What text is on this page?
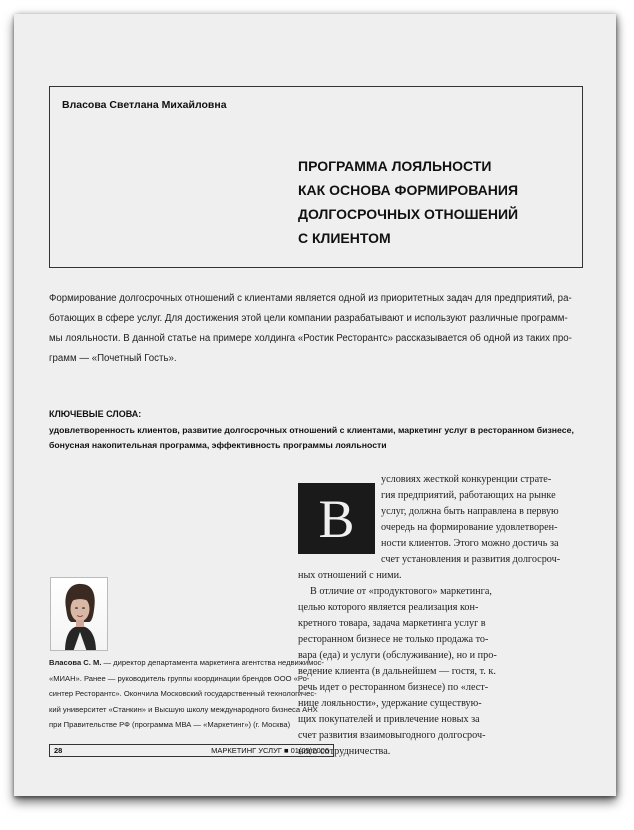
Власова Светлана Михайловна
ПРОГРАММА ЛОЯЛЬНОСТИ
КАК ОСНОВА ФОРМИРОВАНИЯ
ДОЛГОСРОЧНЫХ ОТНОШЕНИЙ
С КЛИЕНТОМ
Формирование долгосрочных отношений с клиентами является одной из приоритетных задач для предприятий, ра-
ботающих в сфере услуг. Для достижения этой цели компании разрабатывают и используют различные программ-
мы лояльности. В данной статье на примере холдинга «Ростик Ресторантс» рассказывается об одной из таких про-
грамм — «Почетный Гость».
КЛЮЧЕВЫЕ СЛОВА:
удовлетворенность клиентов, развитие долгосрочных отношений с клиентами, маркетинг услуг в ресторанном бизнесе,
бонусная накопительная программа, эффективность программы лояльности
В
условиях жесткой конкуренции страте-
гия предприятий, работающих на рынке
услуг, должна быть направлена в первую
очередь на формирование удовлетворен-
ности клиентов. Этого можно достичь за
счет установления и развития долгосроч-
ных отношений с ними.
В отличие от «продуктового» маркетинга,
целью которого является реализация кон-
кретного товара, задача маркетинга услуг в
ресторанном бизнесе не только продажа то-
вара (еда) и услуги (обслуживание), но и про-
ведение клиента (в дальнейшем — гостя, т. к.
речь идет о ресторанном бизнесе) по «лест-
нице лояльности», удержание существую-
щих покупателей и привлечение новых за
счет развития взаимовыгодного долгосроч-
ного сотрудничества.
Власова С. М. — директор департамента маркетинга агентства недвижимос-
«МИАН». Ранее — руководитель группы координации брендов ООО «Ро-
синтер Ресторантс». Окончила Московский государственный технологичес-
кий университет «Станкин» и Высшую школу международного бизнеса АНХ
при Правительстве РФ (программа МВА — «Маркетинг») (г. Москва)
28	МАРКЕТИНГ УСЛУГ ■ 01(05)2006
